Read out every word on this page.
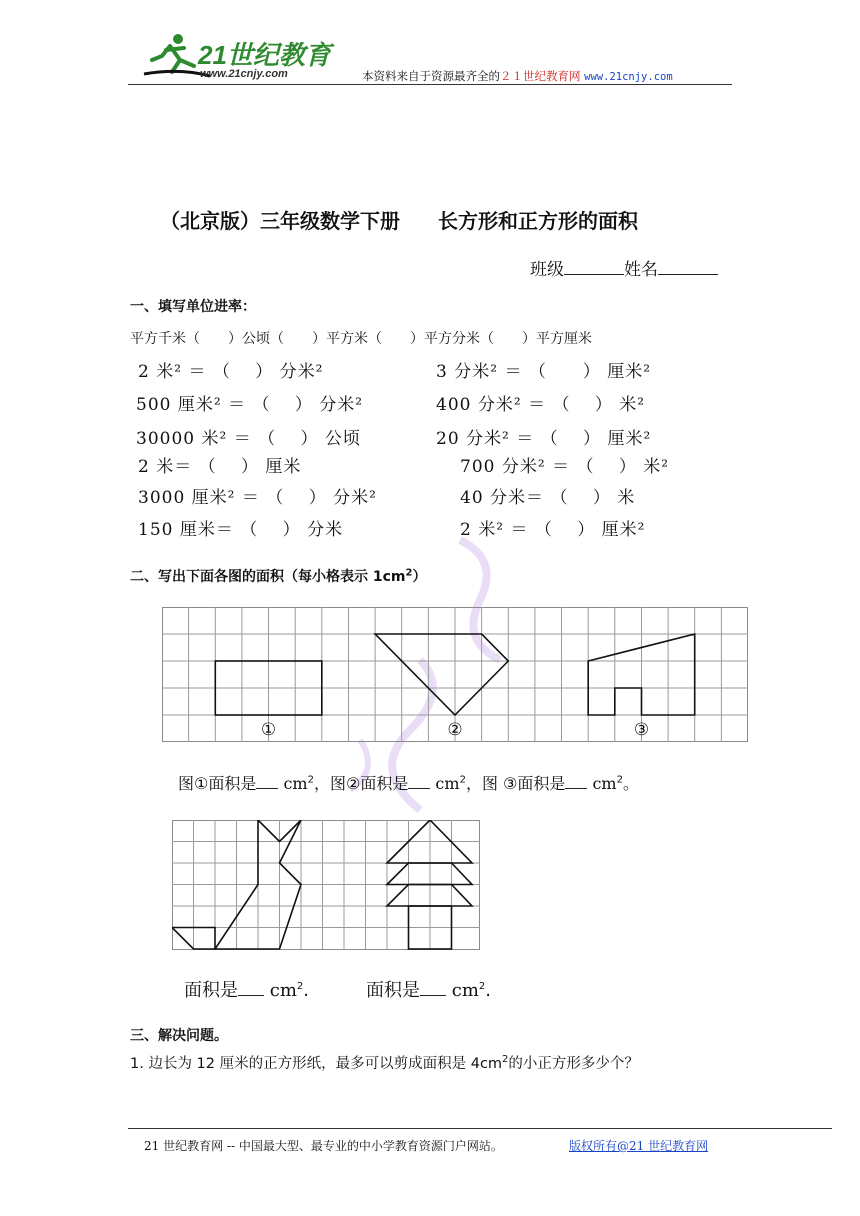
21世纪教育
www.21cnjy.com	本资料来自于资源最齐全的２１世纪教育网 www.21cnjy.com
（北京版）三年级数学下册 长方形和正方形的面积
班级	姓名
一、填写单位进率：
平方千米（　　）公顷（　　）平方米（　　）平方分米（　　）平方厘米
2 米² ＝ （　 ） 分米²	3 分米² ＝ （　　） 厘米²
500 厘米² ＝ （　 ） 分米²	400 分米² ＝ （　 ） 米²
30000 米² ＝ （　 ） 公顷	20 分米² ＝ （　 ） 厘米²
2 米＝ （　 ） 厘米	700 分米² ＝ （　 ） 米²
3000 厘米² ＝ （　 ） 分米²	40 分米＝ （　 ） 米
150 厘米＝ （　 ） 分米	2 米² ＝ （　 ） 厘米²
二、写出下面各图的面积（每小格表示 $1cm^2$）
①	②	③
图①面积是 $cm^2$，图②面积是 $cm^2$，图 ③面积是 $cm^2$。
面积是 $cm^2$.	面积是 $cm^2$.
三、解决问题。
1. 边长为 12 厘米的正方形纸，最多可以剪成面积是 $4cm^2$的小正方形多少个？
21 世纪教育网 -- 中国最大型、最专业的中小学教育资源门户网站。	版权所有@21 世纪教育网
